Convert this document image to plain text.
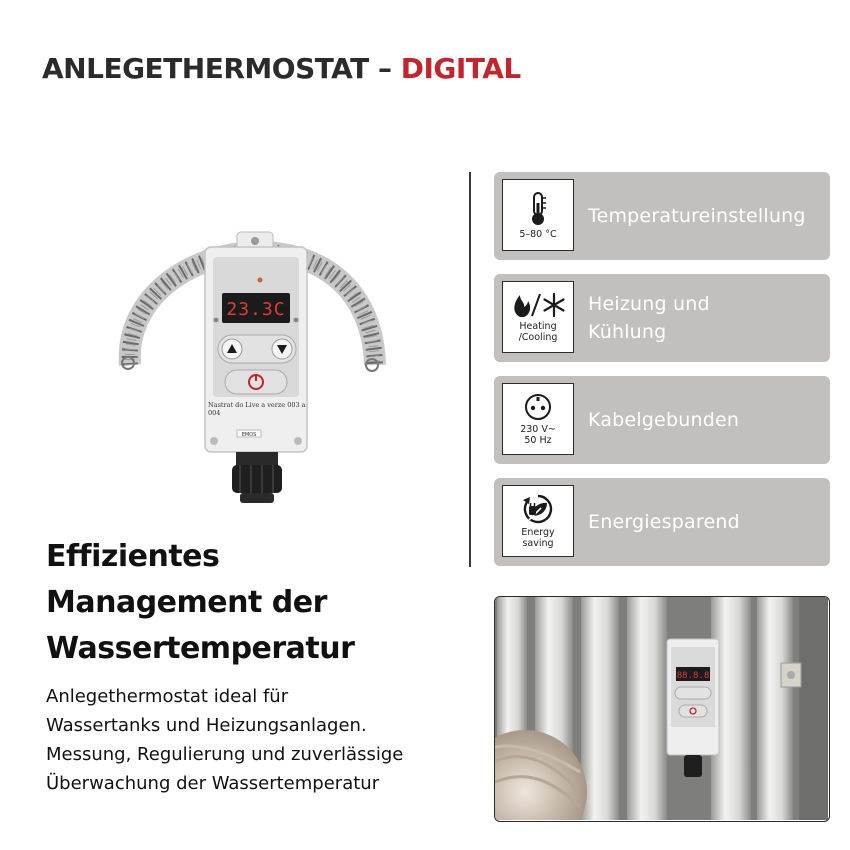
ANLEGETHERMOSTAT – DIGITAL
23.3C
Nastrat do Live a verze 003 a
004
EMOS
5–80 °C
Temperatureinstellung
Heating
/Cooling
Heizung und
Kühlung
230 V~
50 Hz
Kabelgebunden
Energy
saving
Energiesparend
Effizientes
Management der
Wassertemperatur

Anlegethermostat ideal für
Wassertanks und Heizungsanlagen.
Messung, Regulierung und zuverlässige
Überwachung der Wassertemperatur

88.8.8
